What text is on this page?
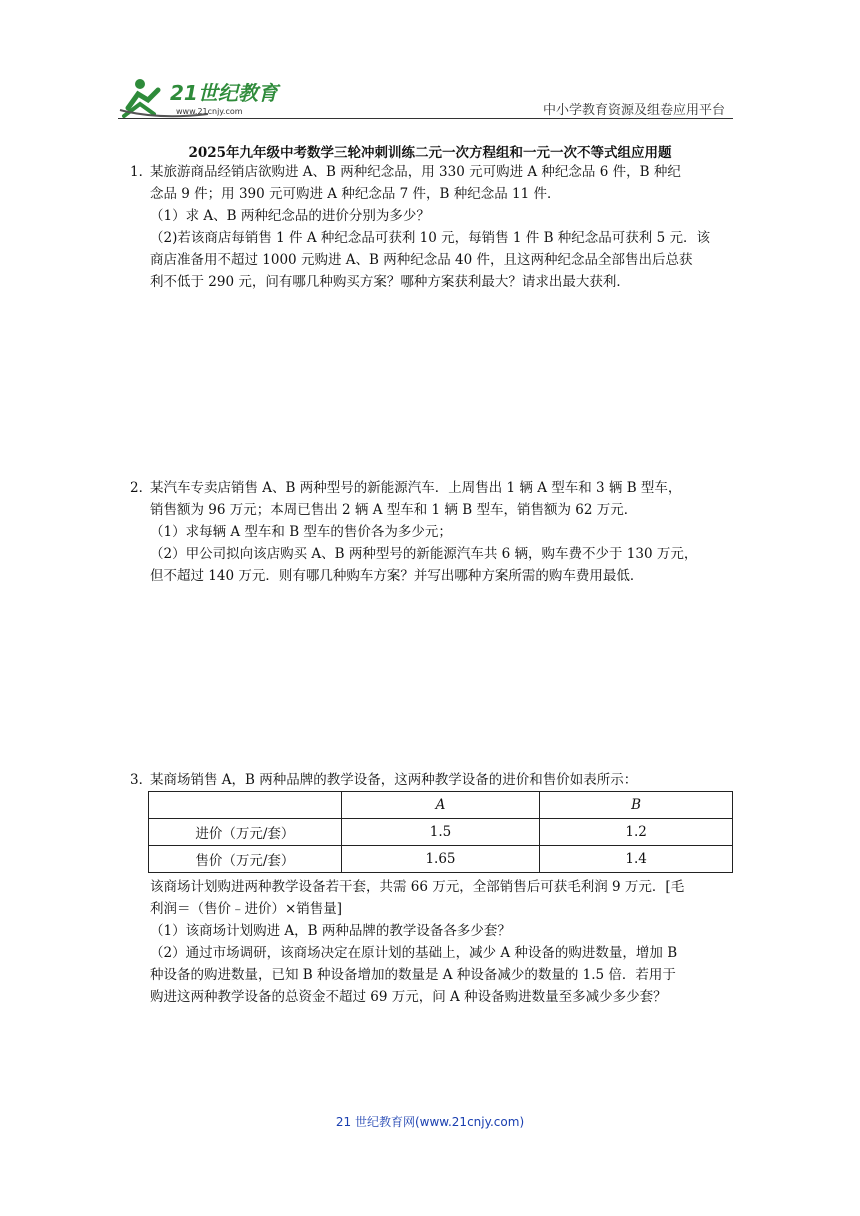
21世纪教育
www.21cnjy.com	中小学教育资源及组卷应用平台
2025年九年级中考数学三轮冲刺训练二元一次方程组和一元一次不等式组应用题

1．某旅游商品经销店欲购进 A、B 两种纪念品，用 330 元可购进 A 种纪念品 6 件，B 种纪

念品 9 件；用 390 元可购进 A 种纪念品 7 件，B 种纪念品 11 件．

（1）求 A、B 两种纪念品的进价分别为多少？

（2)若该商店每销售 1 件 A 种纪念品可获利 10 元，每销售 1 件 B 种纪念品可获利 5 元．该

商店准备用不超过 1000 元购进 A、B 两种纪念品 40 件，且这两种纪念品全部售出后总获

利不低于 290 元，问有哪几种购买方案？哪种方案获利最大？请求出最大获利．

2．某汽车专卖店销售 A、B 两种型号的新能源汽车．上周售出 1 辆 A 型车和 3 辆 B 型车，

销售额为 96 万元；本周已售出 2 辆 A 型车和 1 辆 B 型车，销售额为 62 万元．

（1）求每辆 A 型车和 B 型车的售价各为多少元；

（2）甲公司拟向该店购买 A、B 两种型号的新能源汽车共 6 辆，购车费不少于 130 万元，

但不超过 140 万元．则有哪几种购车方案？并写出哪种方案所需的购车费用最低．

3．某商场销售 A，B 两种品牌的教学设备，这两种教学设备的进价和售价如表所示：

	A	B
进价（万元/套）	1.5	1.2
售价（万元/套）	1.65	1.4

该商场计划购进两种教学设备若干套，共需 66 万元，全部销售后可获毛利润 9 万元．[毛

利润＝（售价﹣进价）×销售量]

（1）该商场计划购进 A，B 两种品牌的教学设备各多少套？

（2）通过市场调研，该商场决定在原计划的基础上，减少 A 种设备的购进数量，增加 B

种设备的购进数量，已知 B 种设备增加的数量是 A 种设备减少的数量的 1.5 倍．若用于

购进这两种教学设备的总资金不超过 69 万元，问 A 种设备购进数量至多减少多少套？

21 世纪教育网(www.21cnjy.com)
